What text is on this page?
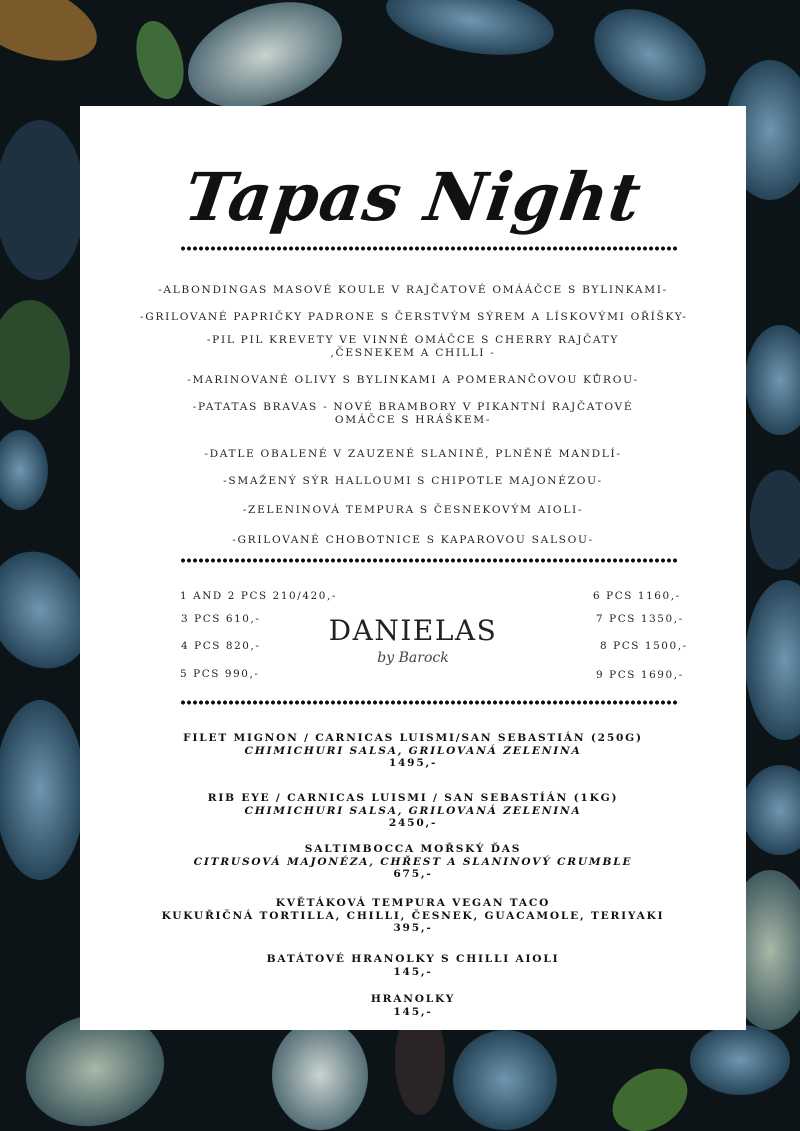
Tapas Night
-ALBONDINGAS MASOVÉ KOULE V RAJČATOVÉ OMÁÁČCE S BYLINKAMI-
-GRILOVANÉ PAPRIČKY PADRONE S ČERSTVÝM SÝREM A LÍSKOVÝMI OŘÍŠKY-
-PIL PIL KREVETY VE VINNÉ OMÁČCE S CHERRY RAJČATY
,ČESNEKEM A CHILLI -
-MARINOVANÉ OLIVY S BYLINKAMI A POMERANČOVOU KŮROU-
-PATATAS BRAVAS - NOVÉ BRAMBORY V PIKANTNÍ RAJČATOVÉ
OMÁČCE S HRÁŠKEM-
-DATLE OBALENÉ V ZAUZENÉ SLANINĚ, PLNĚNÉ MANDLÍ-
-SMAŽENÝ SÝR HALLOUMI S CHIPOTLE MAJONÉZOU-
-ZELENINOVÁ TEMPURA S ČESNEKOVÝM AIOLI-
-GRILOVANÉ CHOBOTNICE S KAPAROVOU SALSOU-
1 AND 2 PCS 210/420,-
3 PCS 610,-
4 PCS 820,-
5 PCS 990,-
6 PCS 1160,-
7 PCS 1350,-
8 PCS 1500,-
9 PCS 1690,-
DANIELAS
by Barock
FILET MIGNON / CARNICAS LUISMI/SAN SEBASTIÁN (250G)
CHIMICHURI SALSA, GRILOVANÁ ZELENINA
1495,-
RIB EYE / CARNICAS LUISMI / SAN SEBASTÍÁN (1KG)
CHIMICHURI SALSA, GRILOVANÁ ZELENINA
2450,-
SALTIMBOCCA MOŘSKÝ ĎAS
CITRUSOVÁ MAJONÉZA, CHŘEST A SLANINOVÝ CRUMBLE
675,-
KVĚTÁKOVÁ TEMPURA VEGAN TACO
KUKUŘIČNÁ TORTILLA, CHILLI, ČESNEK, GUACAMOLE, TERIYAKI
395,-
BATÁTOVÉ HRANOLKY S CHILLI AIOLI
145,-
HRANOLKY
145,-
